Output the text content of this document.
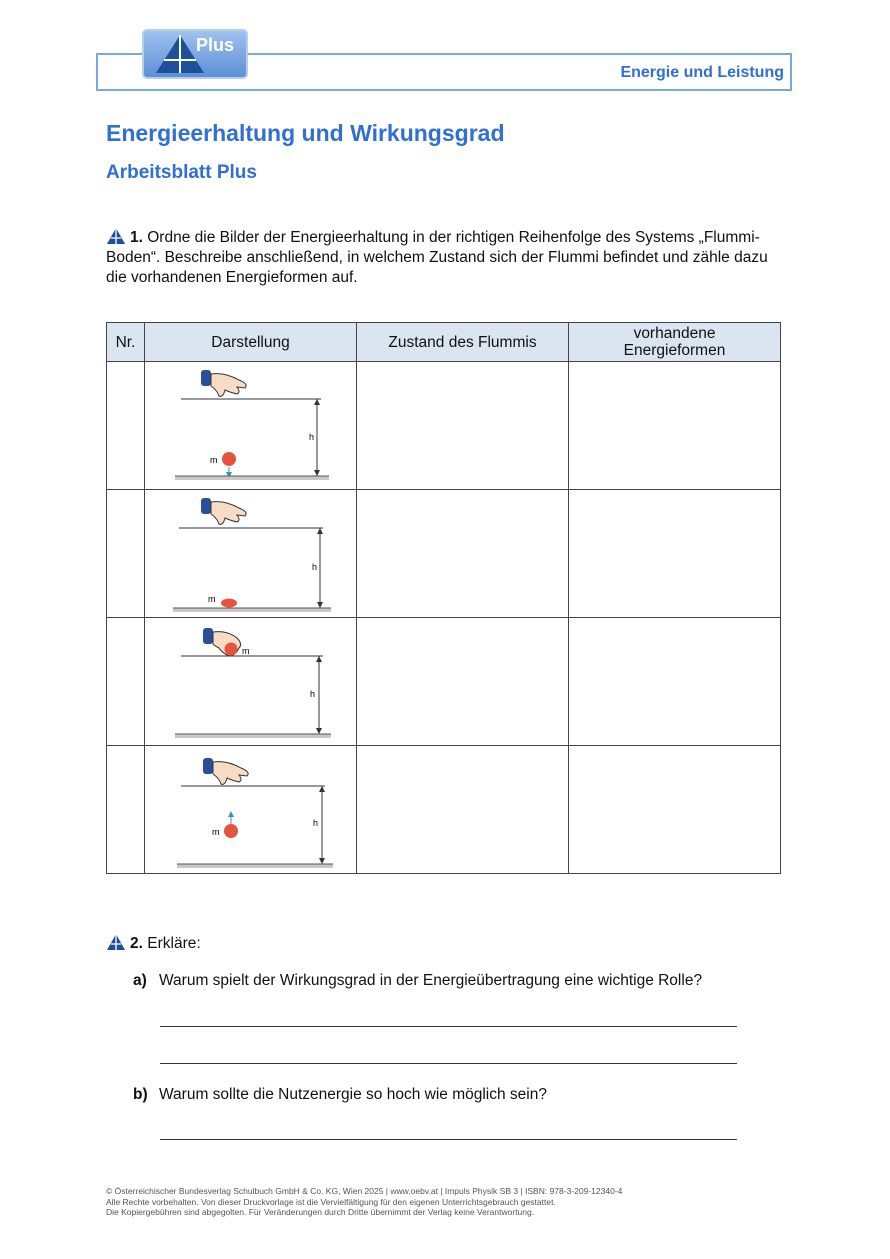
Plus
Energie und Leistung
Energieerhaltung und Wirkungsgrad
Arbeitsblatt Plus
1. Ordne die Bilder der Energieerhaltung in der richtigen Reihenfolge des Systems „Flummi-Boden“. Beschreibe anschließend, in welchem Zustand sich der Flummi befindet und zähle dazu die vorhandenen Energieformen auf.
Nr.	Darstellung	Zustand des Flummis	vorhandene Energieformen

h
m		

h
m		

m
h		

h
m		

2. Erkläre:
a) Warum spielt der Wirkungsgrad in der Energieübertragung eine wichtige Rolle?
b) Warum sollte die Nutzenergie so hoch wie möglich sein?
© Österreichischer Bundesverlag Schulbuch GmbH & Co. KG, Wien 2025 | www.oebv.at | Impuls Physik SB 3 | ISBN: 978-3-209-12340-4
Alle Rechte vorbehalten. Von dieser Druckvorlage ist die Vervielfältigung für den eigenen Unterrichtsgebrauch gestattet.
Die Kopiergebühren sind abgegolten. Für Veränderungen durch Dritte übernimmt der Verlag keine Verantwortung.
